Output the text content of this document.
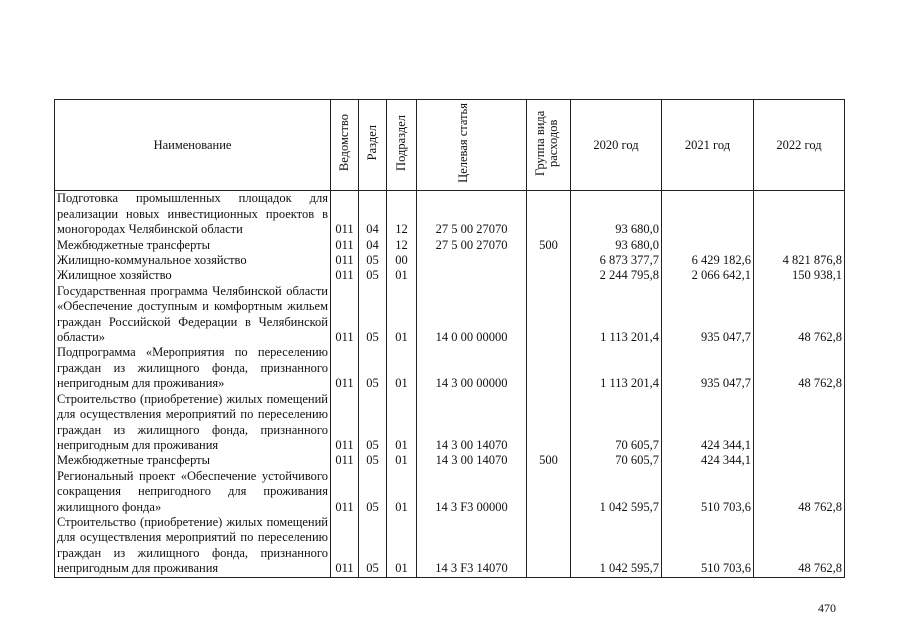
Наименование	Ведомство	Раздел	Подраздел	Целевая статья	Группа вида расходов	2020 год	2021 год	2022 год
Подготовка промышленных площадок для реализации новых инвестиционных проектов в моногородах Челябинской области	011	04	12	27 5 00 27070		93 680,0		
Межбюджетные трансферты	011	04	12	27 5 00 27070	500	93 680,0		
Жилищно-коммунальное хозяйство	011	05	00			6 873 377,7	6 429 182,6	4 821 876,8
Жилищное хозяйство	011	05	01			2 244 795,8	2 066 642,1	150 938,1
Государственная программа Челябинской области «Обеспечение доступным и комфортным жильем граждан Российской Федерации в Челябинской области»	011	05	01	14 0 00 00000		1 113 201,4	935 047,7	48 762,8
Подпрограмма «Мероприятия по переселению граждан из жилищного фонда, признанного непригодным для проживания»	011	05	01	14 3 00 00000		1 113 201,4	935 047,7	48 762,8
Строительство (приобретение) жилых помещений для осуществления мероприятий по переселению граждан из жилищного фонда, признанного непригодным для проживания	011	05	01	14 3 00 14070		70 605,7	424 344,1	
Межбюджетные трансферты	011	05	01	14 3 00 14070	500	70 605,7	424 344,1	
Региональный проект «Обеспечение устойчивого сокращения непригодного для проживания жилищного фонда»	011	05	01	14 3 F3 00000		1 042 595,7	510 703,6	48 762,8
Строительство (приобретение) жилых помещений для осуществления мероприятий по переселению граждан из жилищного фонда, признанного непригодным для проживания	011	05	01	14 3 F3 14070		1 042 595,7	510 703,6	48 762,8
470
